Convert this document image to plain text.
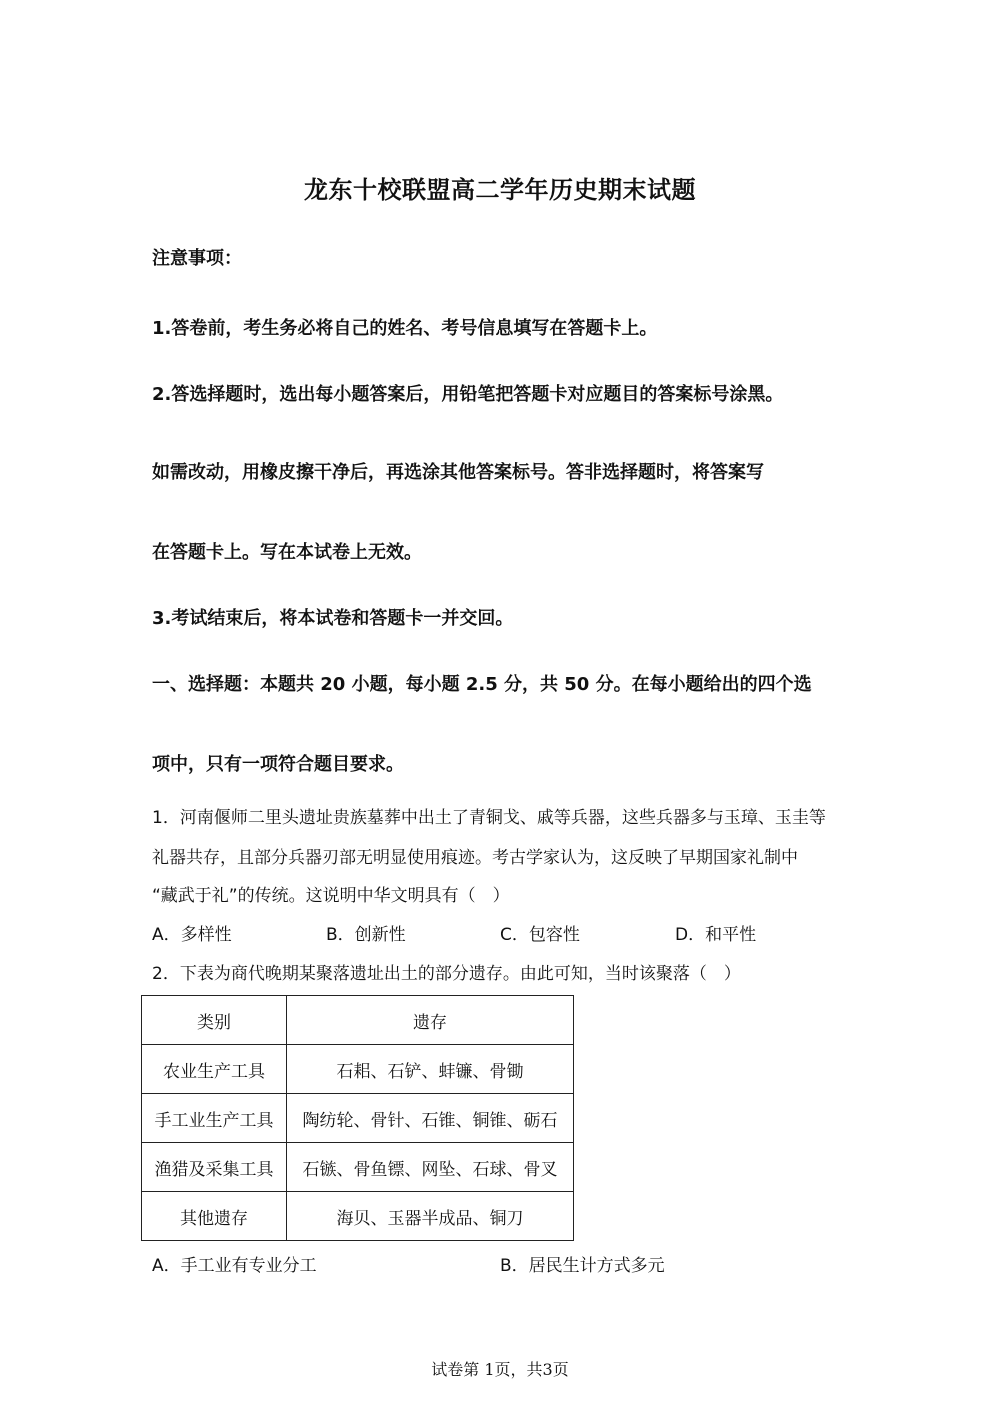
龙东十校联盟高二学年历史期末试题
注意事项：
1.答卷前，考生务必将自己的姓名、考号信息填写在答题卡上。
2.答选择题时，选出每小题答案后，用铅笔把答题卡对应题目的答案标号涂黑。
如需改动，用橡皮擦干净后，再选涂其他答案标号。答非选择题时，将答案写
在答题卡上。写在本试卷上无效。
3.考试结束后，将本试卷和答题卡一并交回。
一、选择题：本题共 20 小题，每小题 2.5 分，共 50 分。在每小题给出的四个选
项中，只有一项符合题目要求。
1．河南偃师二里头遗址贵族墓葬中出土了青铜戈、戚等兵器，这些兵器多与玉璋、玉圭等
礼器共存，且部分兵器刃部无明显使用痕迹。考古学家认为，这反映了早期国家礼制中
“藏武于礼”的传统。这说明中华文明具有（　）
A．多样性	B．创新性	C．包容性	D．和平性
2．下表为商代晚期某聚落遗址出土的部分遗存。由此可知，当时该聚落（　）
类别	遗存
农业生产工具	石耜、石铲、蚌镰、骨锄
手工业生产工具	陶纺轮、骨针、石锥、铜锥、砺石
渔猎及采集工具	石镞、骨鱼镖、网坠、石球、骨叉
其他遗存	海贝、玉器半成品、铜刀
A．手工业有专业分工	B．居民生计方式多元
试卷第 1页，共3页
